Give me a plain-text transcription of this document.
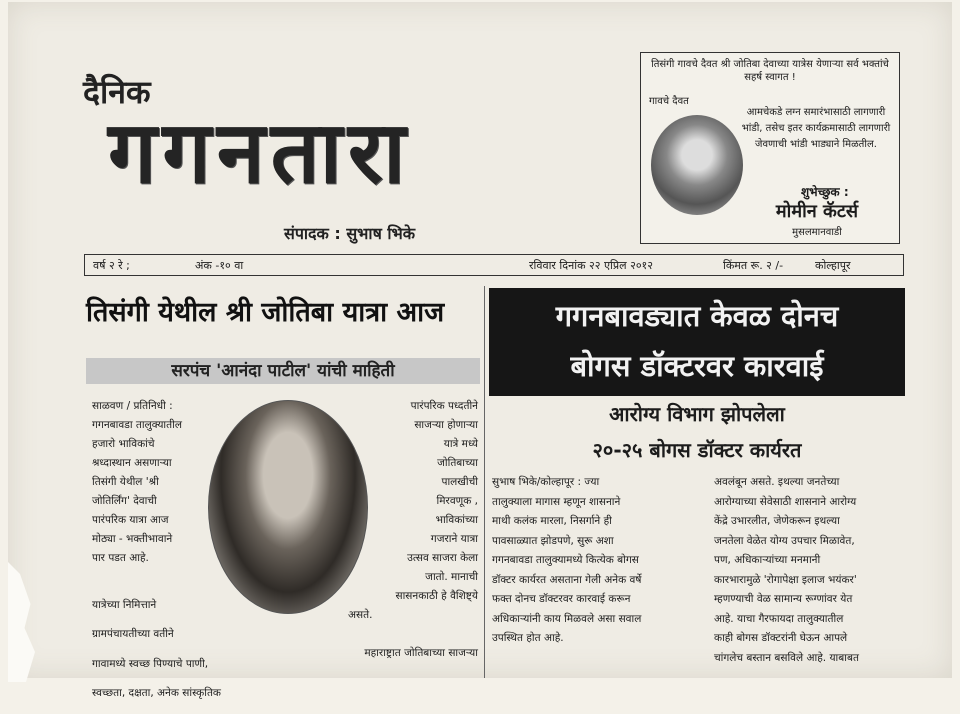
दैनिक
गगनतारा
संपादक : सुभाष भिके
तिसंगी गावचे दैवत श्री जोतिबा देवाच्या यात्रेस येणाऱ्या सर्व भक्तांचे सहर्ष स्वागत !
गावचे दैवत
आमचेकडे लग्न समारंभासाठी लागणारी भांडी, तसेच इतर कार्यक्रमासाठी लागणारी जेवणाची भांडी भाड्याने मिळतील.
शुभेच्छुक :
मोमीन कॅटर्स
मुसलमानवाडी
वर्ष २ रे ;	अंक -१० वा	रविवार दिनांक २२ एप्रिल २०१२	किंमत रू. २ /-	कोल्हापूर
तिसंगी येथील श्री जोतिबा यात्रा आज
सरपंच 'आनंदा पाटील' यांची माहिती

साळवण / प्रतिनिधी :

गगनबावडा तालुक्यातील

हजारो भाविकांचे

श्रध्दास्थान असणाऱ्या

तिसंगी येथील 'श्री

जोतिर्लिंग' देवाची

पारंपरिक यात्रा आज

मोठ्या - भक्तीभावाने

पार पडत आहे.

यात्रेच्या निमित्ताने

ग्रामपंचायतीच्या वतीने

गावामध्ये स्वच्छ पिण्याचे पाणी,

स्वच्छता, दक्षता, अनेक सांस्कृतिक

पारंपरिक पध्दतीने

साजऱ्या होणाऱ्या

यात्रे मध्ये

जोतिबाच्या

पालखीची

मिरवणूक ,

भाविकांच्या

गजराने यात्रा

उत्सव साजरा केला

जातो. मानाची

सासनकाठी हे वैशिष्ट्ये

असते.

महाराष्ट्रात जोतिबाच्या साजऱ्या

गगनबावड्यात केवळ दोनच
बोगस डॉक्टरवर कारवाई
आरोग्य विभाग झोपलेला
२०-२५ बोगस डॉक्टर कार्यरत

सुभाष भिके/कोल्हापूर : ज्या

तालुक्याला मागास म्हणून शासनाने

माथी कलंक मारला, निसर्गाने ही

पावसाळ्यात झोडपणे, सुरू अशा

गगनबावडा तालुक्यामध्ये कित्येक बोगस

डॉक्टर कार्यरत असताना गेली अनेक वर्षे

फक्त दोनच डॉक्टरवर कारवाई करून

अधिकाऱ्यांनी काय मिळवले असा सवाल

उपस्थित होत आहे.

अवलंबून असते. इथल्या जनतेच्या

आरोग्याच्या सेवेसाठी शासनाने आरोग्य

केंद्रे उभारलीत, जेणेकरून इथल्या

जनतेला वेळेत योग्य उपचार मिळावेत,

पण, अधिकाऱ्यांच्या मनमानी

कारभारामुळे 'रोगापेक्षा इलाज भयंकर'

म्हणण्याची वेळ सामान्य रूग्णांवर येत

आहे. याचा गैरफायदा तालुक्यातील

काही बोगस डॉक्टरांनी घेऊन आपले

चांगलेच बस्तान बसविले आहे. याबाबत
